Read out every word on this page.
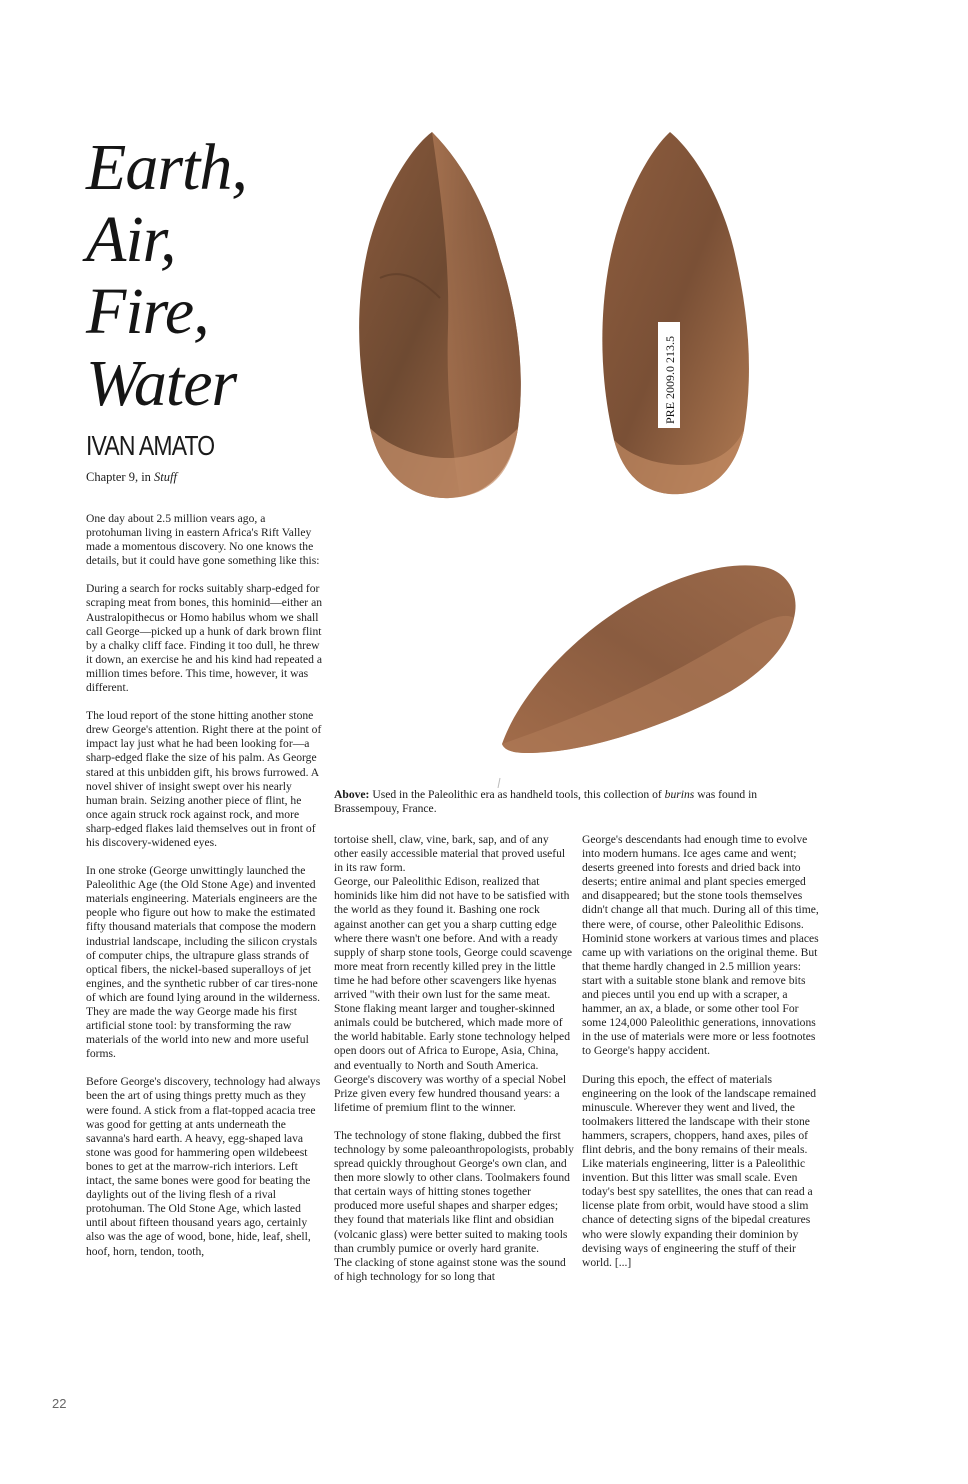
Earth,
Air,
Fire,
Water
IVAN AMATO
Chapter 9, in Stuff
PRE 2009.0 213.5
Above: Used in the Paleolithic era as handheld tools, this collection of burins was found in Brassempouy, France.

One day about 2.5 million vears ago, a protohuman living in eastern Africa's Rift Valley made a momentous discovery. No one knows the details, but it could have gone something like this:

During a search for rocks suitably sharp-edged for scraping meat from bones, this hominid—either an Australopithecus or Homo habilus whom we shall call George—picked up a hunk of dark brown flint by a chalky cliff face. Finding it too dull, he threw it down, an exercise he and his kind had repeated a million times before. This time, however, it was different.

The loud report of the stone hitting another stone drew George's attention. Right there at the point of impact lay just what he had been looking for—a sharp-edged flake the size of his palm. As George stared at this unbidden gift, his brows furrowed. A novel shiver of insight swept over his nearly human brain. Seizing another piece of flint, he once again struck rock against rock, and more sharp-edged flakes laid themselves out in front of his discovery-widened eyes.

In one stroke (George unwittingly launched the Paleolithic Age (the Old Stone Age) and invented materials engineering. Materials engineers are the people who figure out how to make the estimated fifty thousand materials that compose the modern industrial landscape, including the silicon crystals of computer chips, the ultrapure glass strands of optical fibers, the nickel-based superalloys of jet engines, and the synthetic rubber of car tires-none of which are found lying around in the wilderness. They are made the way George made his first artificial stone tool: by transforming the raw materials of the world into new and more useful forms.

Before George's discovery, technology had always been the art of using things pretty much as they were found. A stick from a flat-topped acacia tree was good for getting at ants underneath the savanna's hard earth. A heavy, egg-shaped lava stone was good for hammering open wildebeest bones to get at the marrow-rich interiors. Left intact, the same bones were good for beating the daylights out of the living flesh of a rival protohuman. The Old Stone Age, which lasted until about fifteen thousand years ago, certainly also was the age of wood, bone, hide, leaf, shell, hoof, horn, tendon, tooth,

tortoise shell, claw, vine, bark, sap, and of any other easily accessible material that proved useful in its raw form.

George, our Paleolithic Edison, realized that hominids like him did not have to be satisfied with the world as they found it. Bashing one rock against another can get you a sharp cutting edge where there wasn't one before. And with a ready supply of sharp stone tools, George could scavenge more meat frorn recently killed prey in the little time he had before other scavengers like hyenas arrived "with their own lust for the same meat. Stone flaking meant larger and tougher-skinned animals could be butchered, which made more of the world habitable. Early stone technology helped open doors out of Africa to Europe, Asia, China, and eventually to North and South America. George's discovery was worthy of a special Nobel Prize given every few hundred thousand years: a lifetime of premium flint to the winner.

The technology of stone flaking, dubbed the first technology by some paleoanthropologists, probably spread quickly throughout George's own clan, and then more slowly to other clans. Toolmakers found that certain ways of hitting stones together produced more useful shapes and sharper edges; they found that materials like flint and obsidian (volcanic glass) were better suited to making tools than crumbly pumice or overly hard granite.

The clacking of stone against stone was the sound of high technology for so long that

George's descendants had enough time to evolve into modern humans. Ice ages came and went; deserts greened into forests and dried back into deserts; entire animal and plant species emerged and disappeared; but the stone tools themselves didn't change all that much. During all of this time, there were, of course, other Paleolithic Edisons. Hominid stone workers at various times and places came up with variations on the original theme. But that theme hardly changed in 2.5 million years: start with a suitable stone blank and remove bits and pieces until you end up with a scraper, a hammer, an ax, a blade, or some other tool For some 124,000 Paleolithic generations, innovations in the use of materials were more or less footnotes to George's happy accident.

During this epoch, the effect of materials engineering on the look of the landscape remained minuscule. Wherever they went and lived, the toolmakers littered the landscape with their stone hammers, scrapers, choppers, hand axes, piles of flint debris, and the bony remains of their meals. Like materials engineering, litter is a Paleolithic invention. But this litter was small scale. Even today's best spy satellites, the ones that can read a license plate from orbit, would have stood a slim chance of detecting signs of the bipedal creatures who were slowly expanding their dominion by devising ways of engineering the stuff of their world. [...]

22
